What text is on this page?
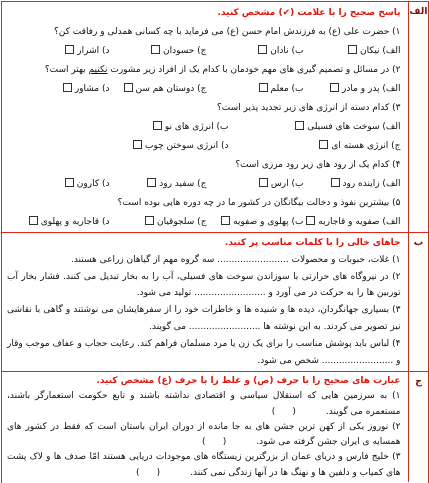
الف
پاسخ صحیح را با علامت (✔) مشخص کنید.
۱) حضرت علی (ع) به فرزندش امام حسن (ع) می فرماید با چه کسانی همدلی و رفاقت کن؟
الف) نیکان
ب) نادان
ج) حسودان
د) اشرار
۲) در مسائل و تصمیم گیری های مهم خودمان با کدام یک از افراد زیر مشورت نکنیم بهتر است؟
الف) پدر و مادر
ب) معلم
ج) دوستان هم سن
د) مشاور
۳) کدام دسته از انرژی های زیر تجدید پذیر است؟
الف) سوخت های فسیلی
ب) انرژی های نو
ج) انرژی هسته ای
د) انرژی سوختن چوب
۴) کدام یک از رود های زیر رود مرزی است؟
الف) زاینده رود
ب) ارس
ج) سفید رود
د) کارون
۵) بیشترین نفوذ و دخالت بیگانگان در کشور ما در چه دوره هایی بوده است؟
الف) صفویه و قاجاریه
ب) پهلوی و صفویه
ج) سلجوقیان
د) قاجاریه و پهلوی
ب
جاهای خالی را با کلمات مناسب پر کنید.

۱) غلات، حبوبات و محصولات ......................... سه گروه مهم از گیاهان زراعی هستند.

۲) در نیروگاه های حرارتی با سوزاندن سوخت های فسیلی، آب را به بخار تبدیل می کنند. فشار بخار آب توربین ها را به حرکت در می آورد و ......................... تولید می شود.

۳) بسیاری جهانگردان، دیده ها و شنیده ها و خاطرات خود را از سفرهایشان می نوشتند و گاهی با نقاشی نیز تصویر می کردند. به این نوشته ها ......................... می گویند.

۴) لباس باید پوشش مناسب را برای یک زن یا مرد مسلمان فراهم کند. رعایت حجاب و عفاف موجب وقار و ......................... شخص می شود.

ج
عبارت های صحیح را با حرف (ص) و غلط را با حرف (غ) مشخص کنید.

۱) به سرزمین هایی که استقلال سیاسی و اقتصادی نداشته باشند و تابع حکومت استعمارگر باشند، مستعمره می گویند.(      )

۲) نوروز یکی از کهن ترین جشن های به جا مانده از دوران ایران باستان است که فقط در کشور های همسایه ی ایران جشن گرفته می شود.(      )

۳) خلیج فارس و دریای عمان از بزرگترین زیستگاه های موجودات دریایی هستند امّا صدف ها و لاک پشت های کمیاب و دلفین ها و نهنگ ها در آنها زندگی نمی کنند.(      )
